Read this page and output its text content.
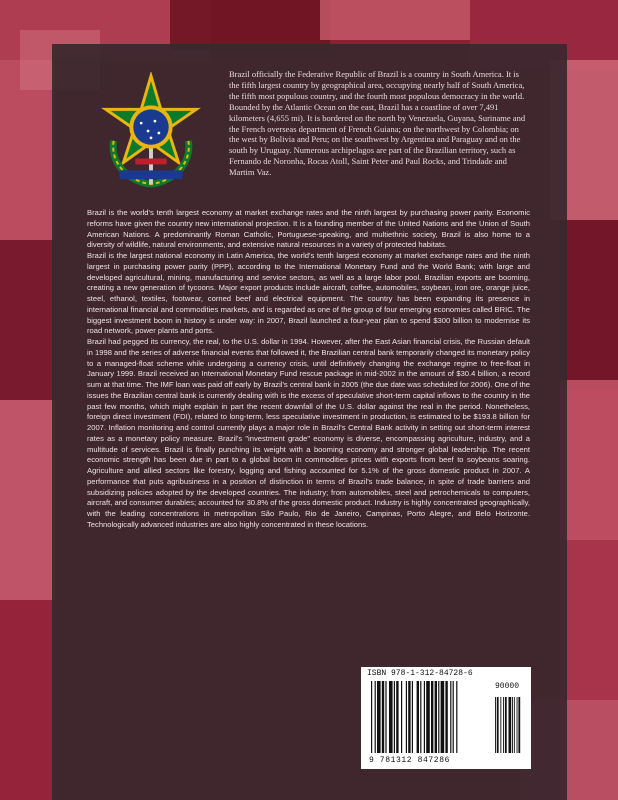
Brazil officially the Federative Republic of Brazil is a country in South America. It is the fifth largest country by geographical area, occupying nearly half of South America, the fifth most populous country, and the fourth most populous democracy in the world. Bounded by the Atlantic Ocean on the east, Brazil has a coastline of over 7,491 kilometers (4,655 mi). It is bordered on the north by Venezuela, Guyana, Suriname and the French overseas department of French Guiana; on the northwest by Colombia; on the west by Bolivia and Peru; on the southwest by Argentina and Paraguay and on the south by Uruguay. Numerous archipelagos are part of the Brazilian territory, such as Fernando de Noronha, Rocas Atoll, Saint Peter and Paul Rocks, and Trindade and Martim Vaz.

Brazil is the world's tenth largest economy at market exchange rates and the ninth largest by purchasing power parity. Economic reforms have given the country new international projection. It is a founding member of the United Nations and the Union of South American Nations. A predominantly Roman Catholic, Portuguese-speaking, and multiethnic society, Brazil is also home to a diversity of wildlife, natural environments, and extensive natural resources in a variety of protected habitats.

Brazil is the largest national economy in Latin America, the world's tenth largest economy at market exchange rates and the ninth largest in purchasing power parity (PPP), according to the International Monetary Fund and the World Bank; with large and developed agricultural, mining, manufacturing and service sectors, as well as a large labor pool. Brazilian exports are booming, creating a new generation of tycoons. Major export products include aircraft, coffee, automobiles, soybean, iron ore, orange juice, steel, ethanol, textiles, footwear, corned beef and electrical equipment. The country has been expanding its presence in international financial and commodities markets, and is regarded as one of the group of four emerging economies called BRIC. The biggest investment boom in history is under way: in 2007, Brazil launched a four-year plan to spend $300 billion to modernise its road network, power plants and ports.

Brazil had pegged its currency, the real, to the U.S. dollar in 1994. However, after the East Asian financial crisis, the Russian default in 1998 and the series of adverse financial events that followed it, the Brazilian central bank temporarily changed its monetary policy to a managed-float scheme while undergoing a currency crisis, until definitively changing the exchange regime to free-float in January 1999. Brazil received an International Monetary Fund rescue package in mid-2002 in the amount of $30.4 billion, a record sum at that time. The IMF loan was paid off early by Brazil's central bank in 2005 (the due date was scheduled for 2006). One of the issues the Brazilian central bank is currently dealing with is the excess of speculative short-term capital inflows to the country in the past few months, which might explain in part the recent downfall of the U.S. dollar against the real in the period. Nonetheless, foreign direct investment (FDI), related to long-term, less speculative investment in production, is estimated to be $193.8 billion for 2007. Inflation monitoring and control currently plays a major role in Brazil's Central Bank activity in setting out short-term interest rates as a monetary policy measure. Brazil's "investment grade" economy is diverse, encompassing agriculture, industry, and a multitude of services. Brazil is finally punching its weight with a booming economy and stronger global leadership. The recent economic strength has been due in part to a global boom in commodities prices with exports from beef to soybeans soaring. Agriculture and allied sectors like forestry, logging and fishing accounted for 5.1% of the gross domestic product in 2007. A performance that puts agribusiness in a position of distinction in terms of Brazil's trade balance, in spite of trade barriers and subsidizing policies adopted by the developed countries. The industry; from automobiles, steel and petrochemicals to computers, aircraft, and consumer durables; accounted for 30.8% of the gross domestic product. Industry is highly concentrated geographically, with the leading concentrations in metropolitan São Paulo, Rio de Janeiro, Campinas, Porto Alegre, and Belo Horizonte. Technologically advanced industries are also highly concentrated in these locations.

ISBN 978-1-312-84728-6
90000
9 781312 847286
